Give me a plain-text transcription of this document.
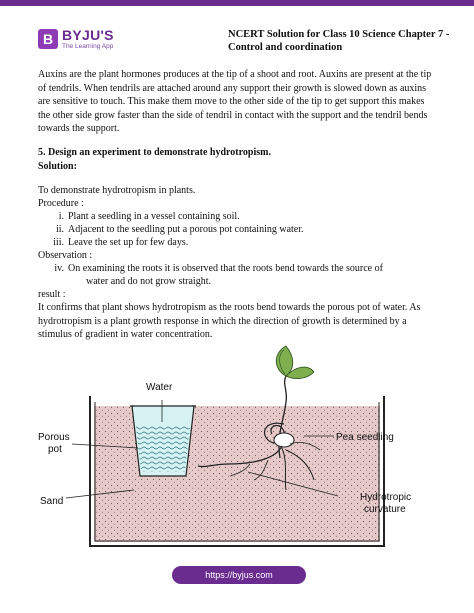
B BYJU'S
The Learning App
NCERT Solution for Class 10 Science Chapter 7 -
Control and coordination
Auxins are the plant hormones produces at the tip of a shoot and root. Auxins are present at the tip of tendrils. When tendrils are attached around any support their growth is slowed down as auxins are sensitive to touch. This make them move to the other side of the tip to get support this makes the other side grow faster than the side of tendril in contact with the support and the tendril bends towards the support.
5. Design an experiment to demonstrate hydrotropism.
Solution:
To demonstrate hydrotropism in plants.
Procedure :
i. Plant a seedling in a vessel containing soil.
ii. Adjacent to the seedling put a porous pot containing water.
iii. Leave the set up for few days.
Observation :
iv. On examining the roots it is observed that the roots bend towards the source of
water and do not grow straight.
result :
It confirms that plant shows hydrotropism as the roots bend towards the porous pot of water. As hydrotropism is a plant growth response in which the direction of growth is determined by a stimulus of gradient in water concentration.
Water
Porous
pot
Sand
Pea seedling
Hydrotropic
curvature
https://byjus.com
